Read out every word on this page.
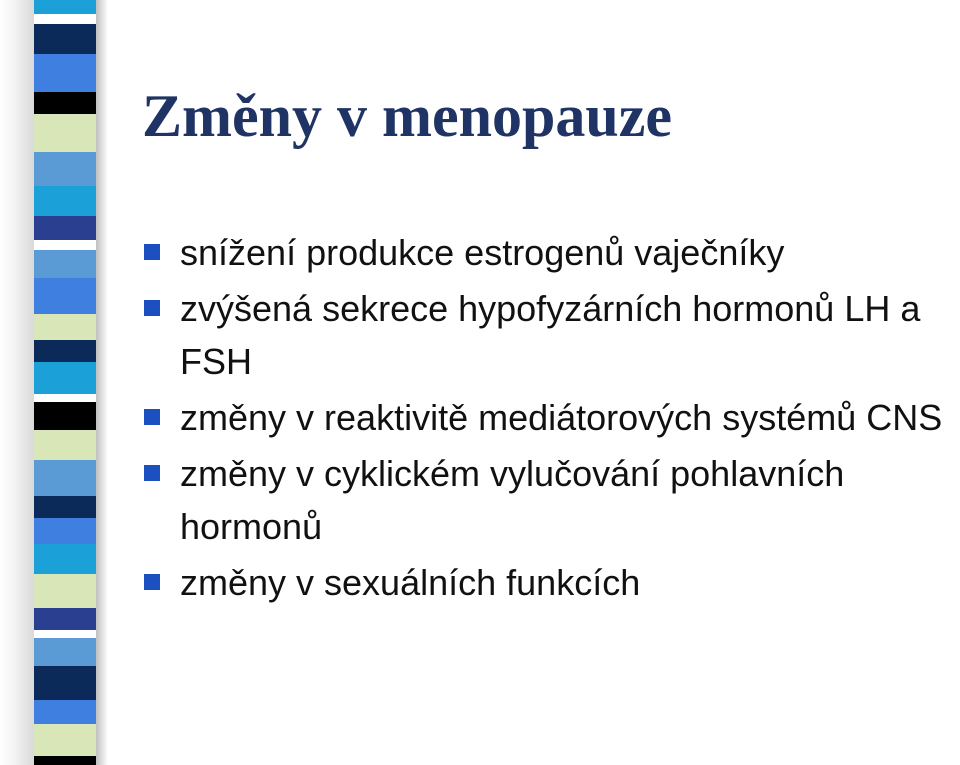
Změny v menopauze
snížení produkce estrogenů vaječníky
zvýšená sekrece hypofyzárních hormonů LH a FSH
změny v reaktivitě mediátorových systémů CNS
změny v cyklickém vylučování pohlavních hormonů
změny v sexuálních funkcích
